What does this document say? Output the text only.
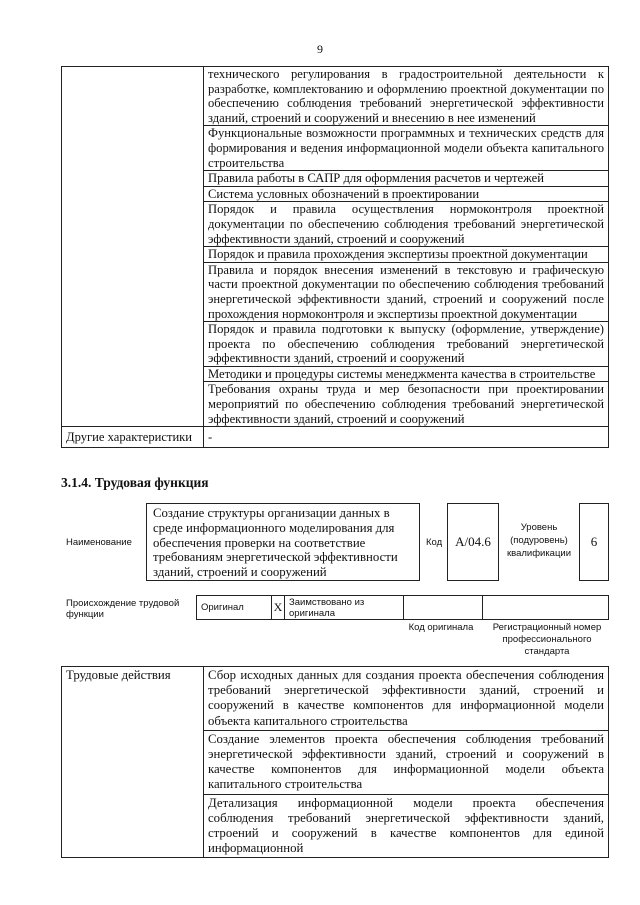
9
	технического регулирования в градостроительной деятельности к разработке, комплектованию и оформлению проектной документации по обеспечению соблюдения требований энергетической эффективности зданий, строений и сооружений и внесению в нее изменений
	Функциональные возможности программных и технических средств для формирования и ведения информационной модели объекта капитального строительства
	Правила работы в САПР для оформления расчетов и чертежей
	Система условных обозначений в проектировании
	Порядок и правила осуществления нормоконтроля проектной документации по обеспечению соблюдения требований энергетической эффективности зданий, строений и сооружений
	Порядок и правила прохождения экспертизы проектной документации
	Правила и порядок внесения изменений в текстовую и графическую части проектной документации по обеспечению соблюдения требований энергетической эффективности зданий, строений и сооружений после прохождения нормоконтроля и экспертизы проектной документации
	Порядок и правила подготовки к выпуску (оформление, утверждение) проекта по обеспечению соблюдения требований энергетической эффективности зданий, строений и сооружений
	Методики и процедуры системы менеджмента качества в строительстве
	Требования охраны труда и мер безопасности при проектировании мероприятий по обеспечению соблюдения требований энергетической эффективности зданий, строений и сооружений
Другие характеристики	-
3.1.4. Трудовая функция
Наименование
Создание структуры организации данных в среде информационного моделирования для обеспечения проверки на соответствие требованиям энергетической эффективности зданий, строений и сооружений
Код A/04.6
Уровень (подуровень) квалификации
6
Происхождение трудовой функции
Оригинал	X	Заимствовано из оригинала		
Код оригинала	Регистрационный номер профессионального стандарта
Трудовые действия	Сбор исходных данных для создания проекта обеспечения соблюдения требований энергетической эффективности зданий, строений и сооружений в качестве компонентов для информационной модели объекта капитального строительства
Создание элементов проекта обеспечения соблюдения требований энергетической эффективности зданий, строений и сооружений в качестве компонентов для информационной модели объекта капитального строительства
Детализация информационной модели проекта обеспечения соблюдения требований энергетической эффективности зданий, строений и сооружений в качестве компонентов для единой информационной
